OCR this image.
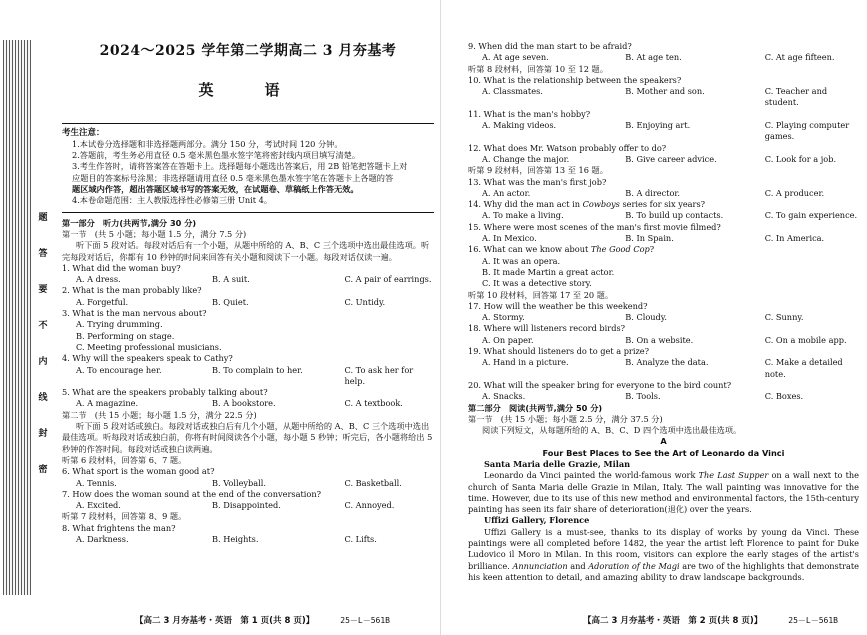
题
答
要
不
内
线
封
密
2024～2025 学年第二学期高二 3 月夯基考
英　语
考生注意：

1.本试卷分选择题和非选择题两部分。满分 150 分，考试时间 120 分钟。

2.答题前，考生务必用直径 0.5 毫米黑色墨水签字笔将密封线内项目填写清楚。

3.考生作答时，请将答案答在答题卡上。选择题每小题选出答案后，用 2B 铅笔把答题卡上对

应题目的答案标号涂黑；非选择题请用直径 0.5 毫米黑色墨水签字笔在答题卡上各题的答

题区域内作答，超出答题区域书写的答案无效，在试题卷、草稿纸上作答无效。

4.本卷命题范围：主人教版选择性必修第三册 Unit 4。

第一部分　听力(共两节,满分 30 分)
第一节　(共 5 小题；每小题 1.5 分，满分 7.5 分)
听下面 5 段对话。每段对话后有一个小题，从题中所给的 A、B、C 三个选项中选出最佳选项。听完每段对话后，你都有 10 秒钟的时间来回答有关小题和阅读下一小题。每段对话仅读一遍。
1. What did the woman buy?
A. A dress.	B. A suit.	C. A pair of earrings.
2. What is the man probably like?
A. Forgetful.	B. Quiet.	C. Untidy.
3. What is the man nervous about?
A. Trying drumming.
B. Performing on stage.
C. Meeting professional musicians.
4. Why will the speakers speak to Cathy?
A. To encourage her.	B. To complain to her.	C. To ask her for help.
5. What are the speakers probably talking about?
A. A magazine.	B. A bookstore.	C. A textbook.
第二节　(共 15 小题；每小题 1.5 分，满分 22.5 分)
听下面 5 段对话或独白。每段对话或独白后有几个小题，从题中所给的 A、B、C 三个选项中选出最佳选项。听每段对话或独白前，你将有时间阅读各个小题，每小题 5 秒钟；听完后，各小题将给出 5 秒钟的作答时间。每段对话或独白读两遍。
听第 6 段材料，回答第 6、7 题。
6. What sport is the woman good at?
A. Tennis.	B. Volleyball.	C. Basketball.
7. How does the woman sound at the end of the conversation?
A. Excited.	B. Disappointed.	C. Annoyed.
听第 7 段材料，回答第 8、9 题。
8. What frightens the man?
A. Darkness.	B. Heights.	C. Lifts.
【高二 3 月夯基考・英语　第 1 页(共 8 页)】	25－L－561B
9. When did the man start to be afraid?
A. At age seven.	B. At age ten.	C. At age fifteen.
听第 8 段材料，回答第 10 至 12 题。
10. What is the relationship between the speakers?
A. Classmates.	B. Mother and son.	C. Teacher and student.
11. What is the man's hobby?
A. Making videos.	B. Enjoying art.	C. Playing computer games.
12. What does Mr. Watson probably offer to do?
A. Change the major.	B. Give career advice.	C. Look for a job.
听第 9 段材料，回答第 13 至 16 题。
13. What was the man's first job?
A. An actor.	B. A director.	C. A producer.
14. Why did the man act in Cowboys series for six years?
A. To make a living.	B. To build up contacts.	C. To gain experience.
15. Where were most scenes of the man's first movie filmed?
A. In Mexico.	B. In Spain.	C. In America.
16. What can we know about The Good Cop?
A. It was an opera.
B. It made Martin a great actor.
C. It was a detective story.
听第 10 段材料，回答第 17 至 20 题。
17. How will the weather be this weekend?
A. Stormy.	B. Cloudy.	C. Sunny.
18. Where will listeners record birds?
A. On paper.	B. On a website.	C. On a mobile app.
19. What should listeners do to get a prize?
A. Hand in a picture.	B. Analyze the data.	C. Make a detailed note.
20. What will the speaker bring for everyone to the bird count?
A. Snacks.	B. Tools.	C. Boxes.
第二部分　阅读(共两节,满分 50 分)
第一节　(共 15 小题；每小题 2.5 分，满分 37.5 分)
阅读下列短文，从每题所给的 A、B、C、D 四个选项中选出最佳选项。
A
Four Best Places to See the Art of Leonardo da Vinci
Santa Maria delle Grazie, Milan
Leonardo da Vinci painted the world-famous work The Last Supper on a wall next to the church of Santa Maria delle Grazie in Milan, Italy. The wall painting was innovative for the time. However, due to its use of this new method and environmental factors, the 15th-century painting has seen its fair share of deterioration(退化) over the years.
Uffizi Gallery, Florence
Uffizi Gallery is a must-see, thanks to its display of works by young da Vinci. These paintings were all completed before 1482, the year the artist left Florence to paint for Duke Ludovico il Moro in Milan. In this room, visitors can explore the early stages of the artist's brilliance. Annunciation and Adoration of the Magi are two of the highlights that demonstrate his keen attention to detail, and amazing ability to draw landscape backgrounds.
【高二 3 月夯基考・英语　第 2 页(共 8 页)】	25－L－561B
